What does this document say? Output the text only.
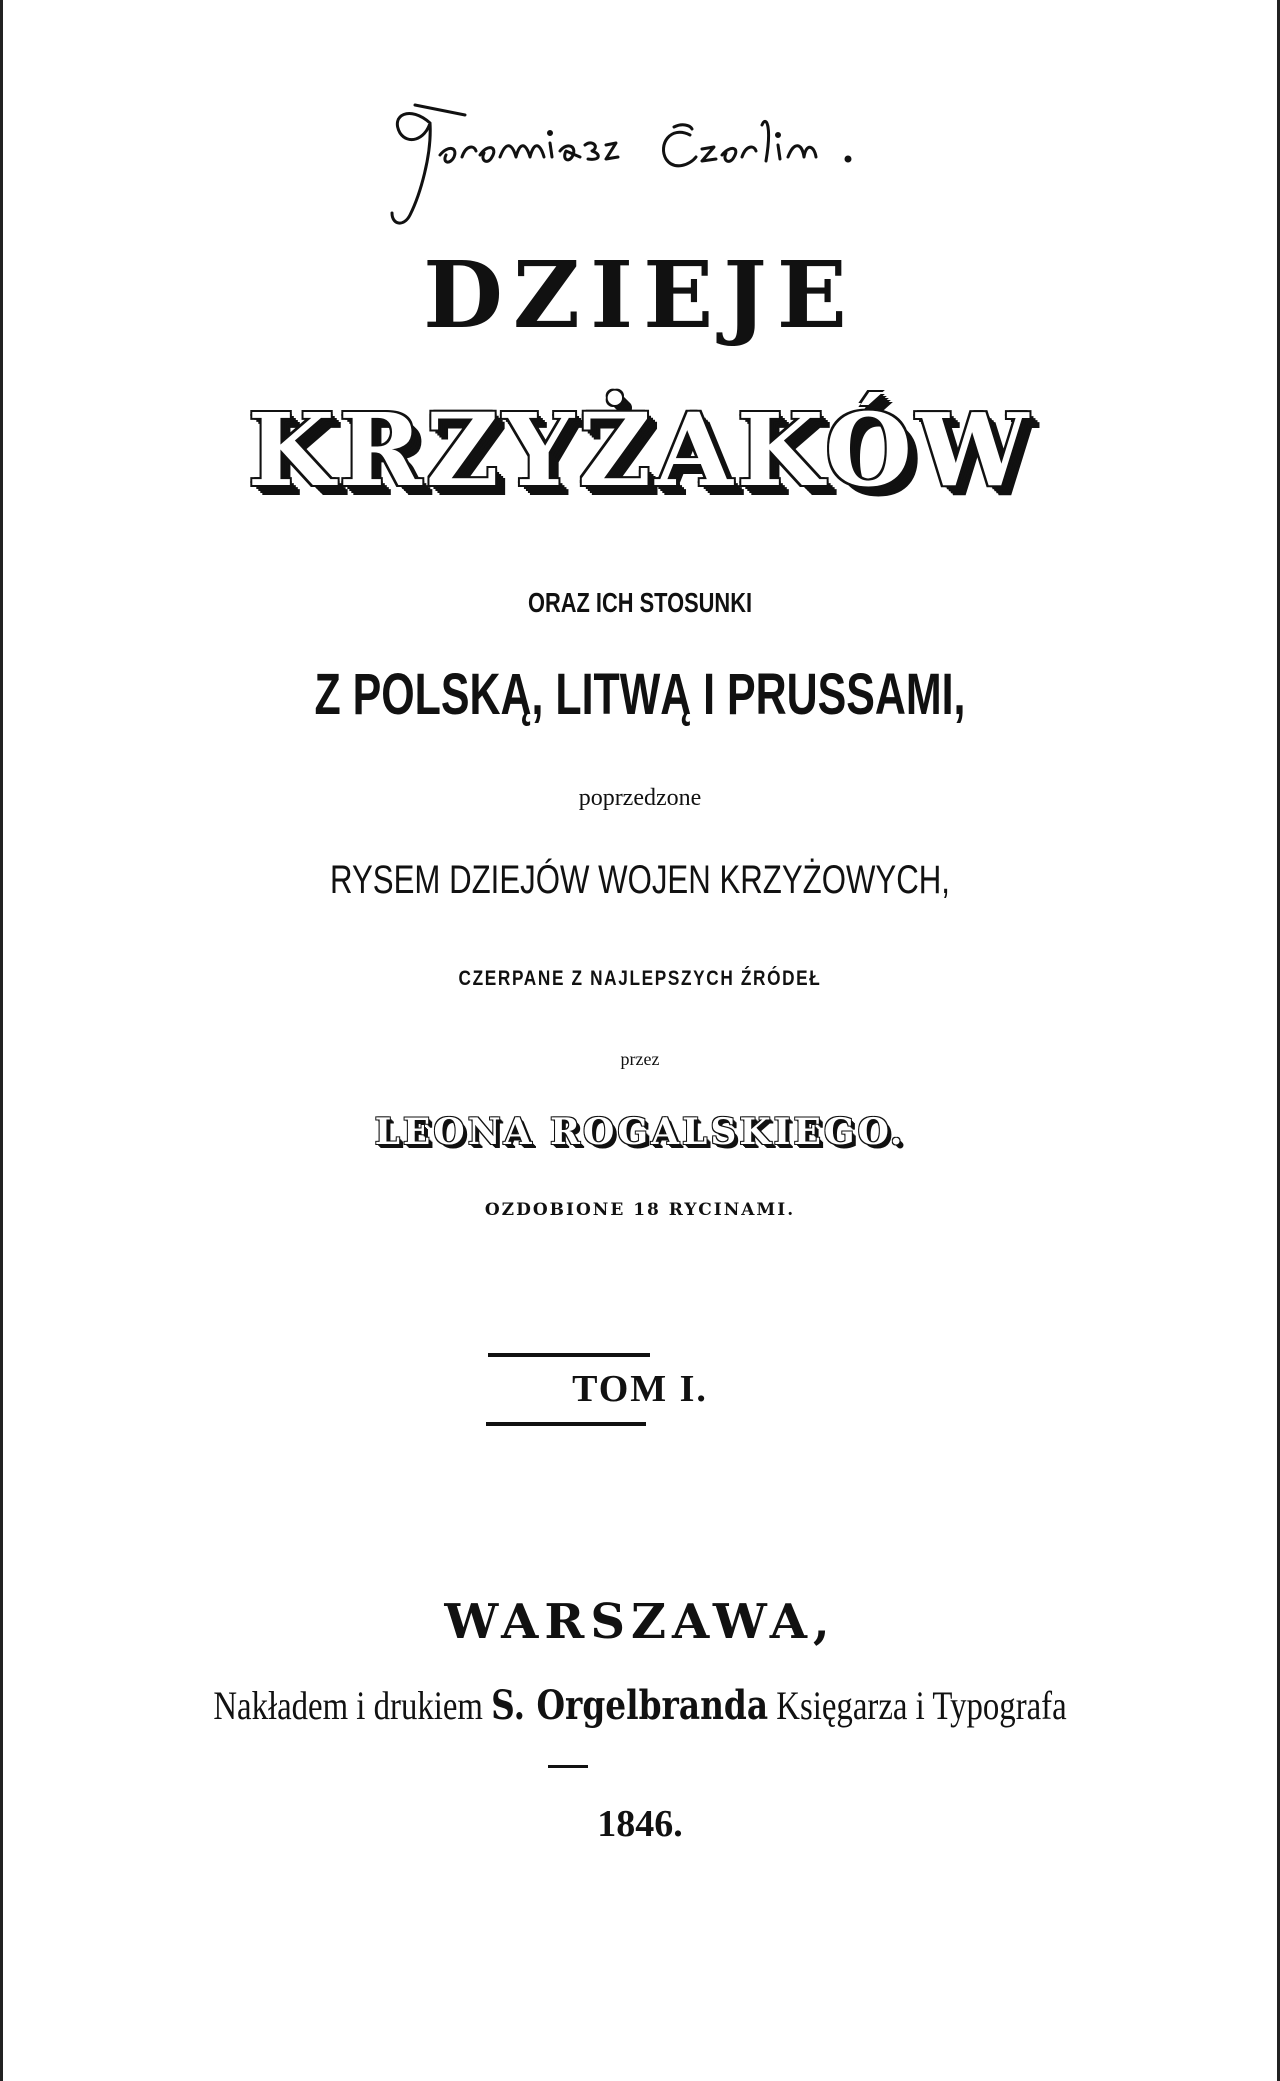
DZIEJE
KRZYŻAKÓW
ORAZ ICH STOSUNKI
Z POLSKĄ, LITWĄ I PRUSSAMI,
poprzedzone
RYSEM DZIEJÓW WOJEN KRZYŻOWYCH,
CZERPANE Z NAJLEPSZYCH ŹRÓDEŁ
przez
LEONA ROGALSKIEGO.
OZDOBIONE 18 RYCINAMI.
TOM I.
WARSZAWA,
Nakładem i drukiem S. Orgelbranda Księgarza i Typografa
1846.
